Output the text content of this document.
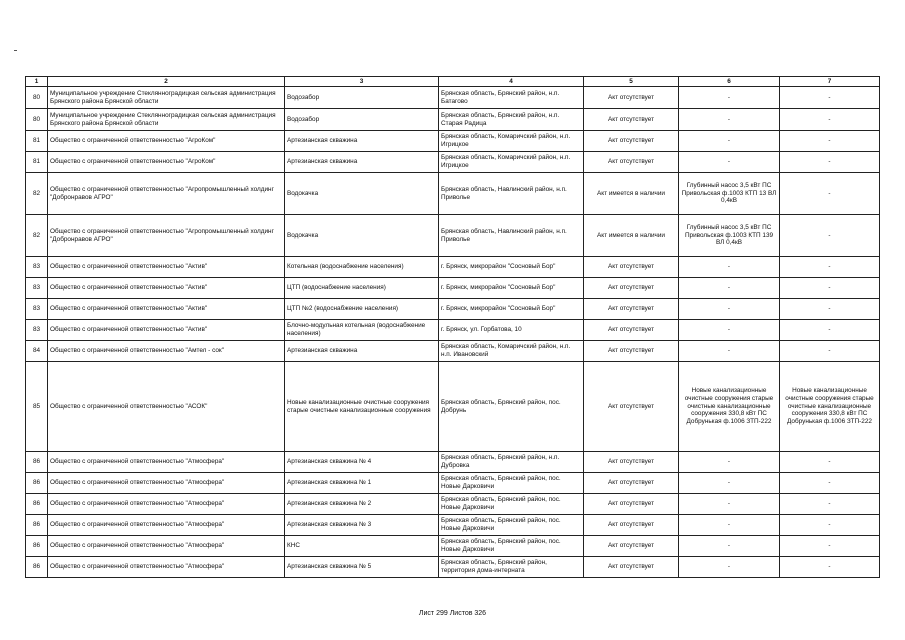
1	2	3	4	5	6	7
80	Муниципальное учреждение Стеклянноградицкая сельская администрация Брянского района Брянской области	Водозабор	Брянская область, Брянский район, н.п. Батагово	Акт отсутствует	-	-
80	Муниципальное учреждение Стеклянноградицкая сельская администрация Брянского района Брянской области	Водозабор	Брянская область, Брянский район, н.п. Старая Радица	Акт отсутствует	-	-
81	Общество с ограниченной ответственностью "АгроКом"	Артезианская скважина	Брянская область, Комаричский район, н.п. Игрицкое	Акт отсутствует	-	-
81	Общество с ограниченной ответственностью "АгроКом"	Артезианская скважина	Брянская область, Комаричский район, н.п. Игрицкое	Акт отсутствует	-	-
82	Общество с ограниченной ответственностью "Агропромышленный холдинг "Добронравов АГРО"	Водокачка	Брянская область, Навлинский район, н.п. Приволье	Акт имеется в наличии	Глубинный насос 3,5 кВт ПС Привольская ф.1003 КТП 13 ВЛ 0,4кВ	-
82	Общество с ограниченной ответственностью "Агропромышленный холдинг "Добронравов АГРО"	Водокачка	Брянская область, Навлинский район, н.п. Приволье	Акт имеется в наличии	Глубинный насос 3,5 кВт ПС Привольская ф.1003 КТП 139 ВЛ 0,4кВ	-
83	Общество с ограниченной ответственностью "Актив"	Котельная (водоснабжение населения)	г. Брянск, микрорайон "Сосновый Бор"	Акт отсутствует	-	-
83	Общество с ограниченной ответственностью "Актив"	ЦТП (водоснабжение населения)	г. Брянск, микрорайон "Сосновый Бор"	Акт отсутствует	-	-
83	Общество с ограниченной ответственностью "Актив"	ЦТП №2 (водоснабжение населения)	г. Брянск, микрорайон "Сосновый Бор"	Акт отсутствует	-	-
83	Общество с ограниченной ответственностью "Актив"	Блочно-модульная котельная (водоснабжение населения)	г. Брянск, ул. Горбатова, 10	Акт отсутствует	-	-
84	Общество с ограниченной ответственностью "Амтел - сок"	Артезианская скважина	Брянская область, Комаричский район, н.п. н.п. Ивановский	Акт отсутствует	-	-
85	Общество с ограниченной ответственностью "АСОК"	Новые канализационные очистные сооружения старые очистные канализационные сооружения	Брянская область, Брянский район, пос. Добрунь	Акт отсутствует	Новые канализационные очистные сооружения старые очистные канализационные сооружения 330,8 кВт ПС Добрунькая ф.1006 ЗТП-222	Новые канализационные очистные сооружения старые очистные канализационные сооружения 330,8 кВт ПС Добрунькая ф.1006 ЗТП-222
86	Общество с ограниченной ответственностью "Атмосфера"	Артезианская скважина № 4	Брянская область, Брянский район, н.п. Дубровка	Акт отсутствует	-	-
86	Общество с ограниченной ответственностью "Атмосфера"	Артезианская скважина № 1	Брянская область, Брянский район, пос. Новые Дарковичи	Акт отсутствует	-	-
86	Общество с ограниченной ответственностью "Атмосфера"	Артезианская скважина № 2	Брянская область, Брянский район, пос. Новые Дарковичи	Акт отсутствует	-	-
86	Общество с ограниченной ответственностью "Атмосфера"	Артезианская скважина № 3	Брянская область, Брянский район, пос. Новые Дарковичи	Акт отсутствует	-	-
86	Общество с ограниченной ответственностью "Атмосфера"	КНС	Брянская область, Брянский район, пос. Новые Дарковичи	Акт отсутствует	-	-
86	Общество с ограниченной ответственностью "Атмосфера"	Артезианская скважина № 5	Брянская область, Брянский район, территория дома-интерната	Акт отсутствует	-	-
Лист 299 Листов 326
